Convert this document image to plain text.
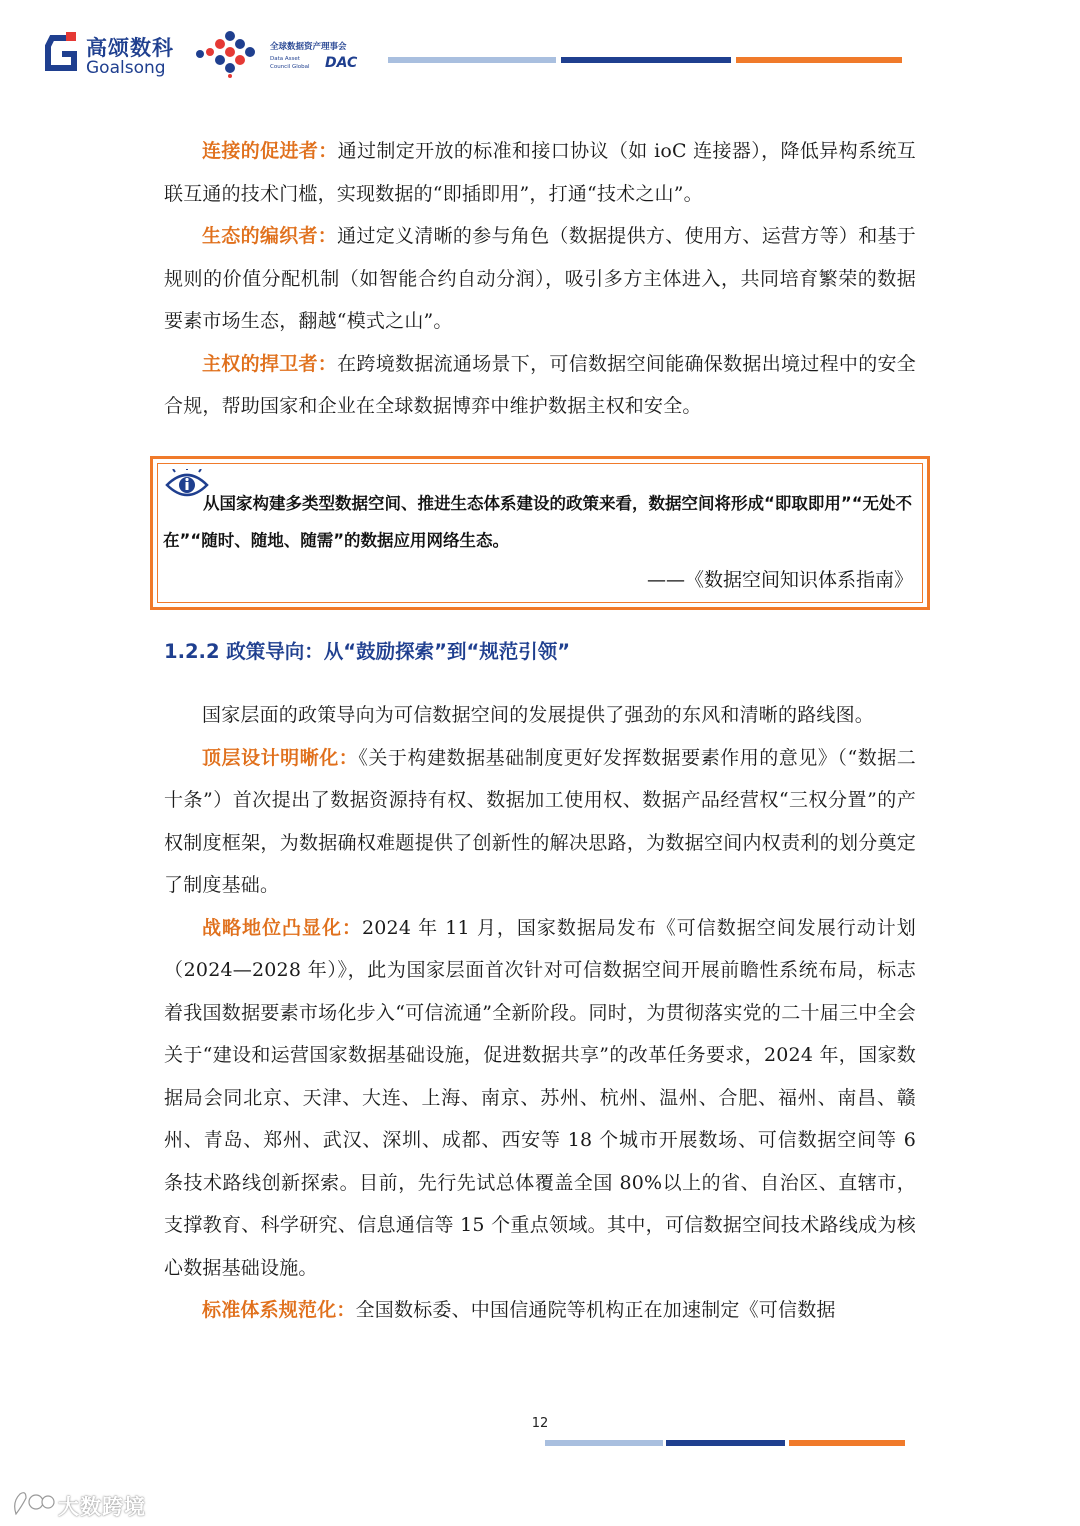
高颂数科
Goalsong
全球数据资产理事会
Data Asset
Council Global DAC

连接的促进者：通过制定开放的标准和接口协议（如 ioC 连接器），降低异构系统互联互通的技术门槛，实现数据的“即插即用”，打通“技术之山”。

生态的编织者：通过定义清晰的参与角色（数据提供方、使用方、运营方等）和基于规则的价值分配机制（如智能合约自动分润），吸引多方主体进入，共同培育繁荣的数据要素市场生态，翻越“模式之山”。

主权的捍卫者：在跨境数据流通场景下，可信数据空间能确保数据出境过程中的安全合规，帮助国家和企业在全球数据博弈中维护数据主权和安全。

从国家构建多类型数据空间、推进生态体系建设的政策来看，数据空间将形成“即取即用”“无处不在”“随时、随地、随需”的数据应用网络生态。

——《数据空间知识体系指南》

1.2.2 政策导向：从“鼓励探索”到“规范引领”

国家层面的政策导向为可信数据空间的发展提供了强劲的东风和清晰的路线图。

顶层设计明晰化：《关于构建数据基础制度更好发挥数据要素作用的意见》（“数据二十条”）首次提出了数据资源持有权、数据加工使用权、数据产品经营权“三权分置”的产权制度框架，为数据确权难题提供了创新性的解决思路，为数据空间内权责利的划分奠定了制度基础。

战略地位凸显化：2024 年 11 月，国家数据局发布《可信数据空间发展行动计划（2024—2028 年）》，此为国家层面首次针对可信数据空间开展前瞻性系统布局，标志着我国数据要素市场化步入“可信流通”全新阶段。同时，为贯彻落实党的二十届三中全会关于“建设和运营国家数据基础设施，促进数据共享”的改革任务要求，2024 年，国家数据局会同北京、天津、大连、上海、南京、苏州、杭州、温州、合肥、福州、南昌、赣州、青岛、郑州、武汉、深圳、成都、西安等 18 个城市开展数场、可信数据空间等 6 条技术路线创新探索。目前，先行先试总体覆盖全国 80%以上的省、自治区、直辖市，支撑教育、科学研究、信息通信等 15 个重点领域。其中，可信数据空间技术路线成为核心数据基础设施。

标准体系规范化：全国数标委、中国信通院等机构正在加速制定《可信数据

12
大数跨境
